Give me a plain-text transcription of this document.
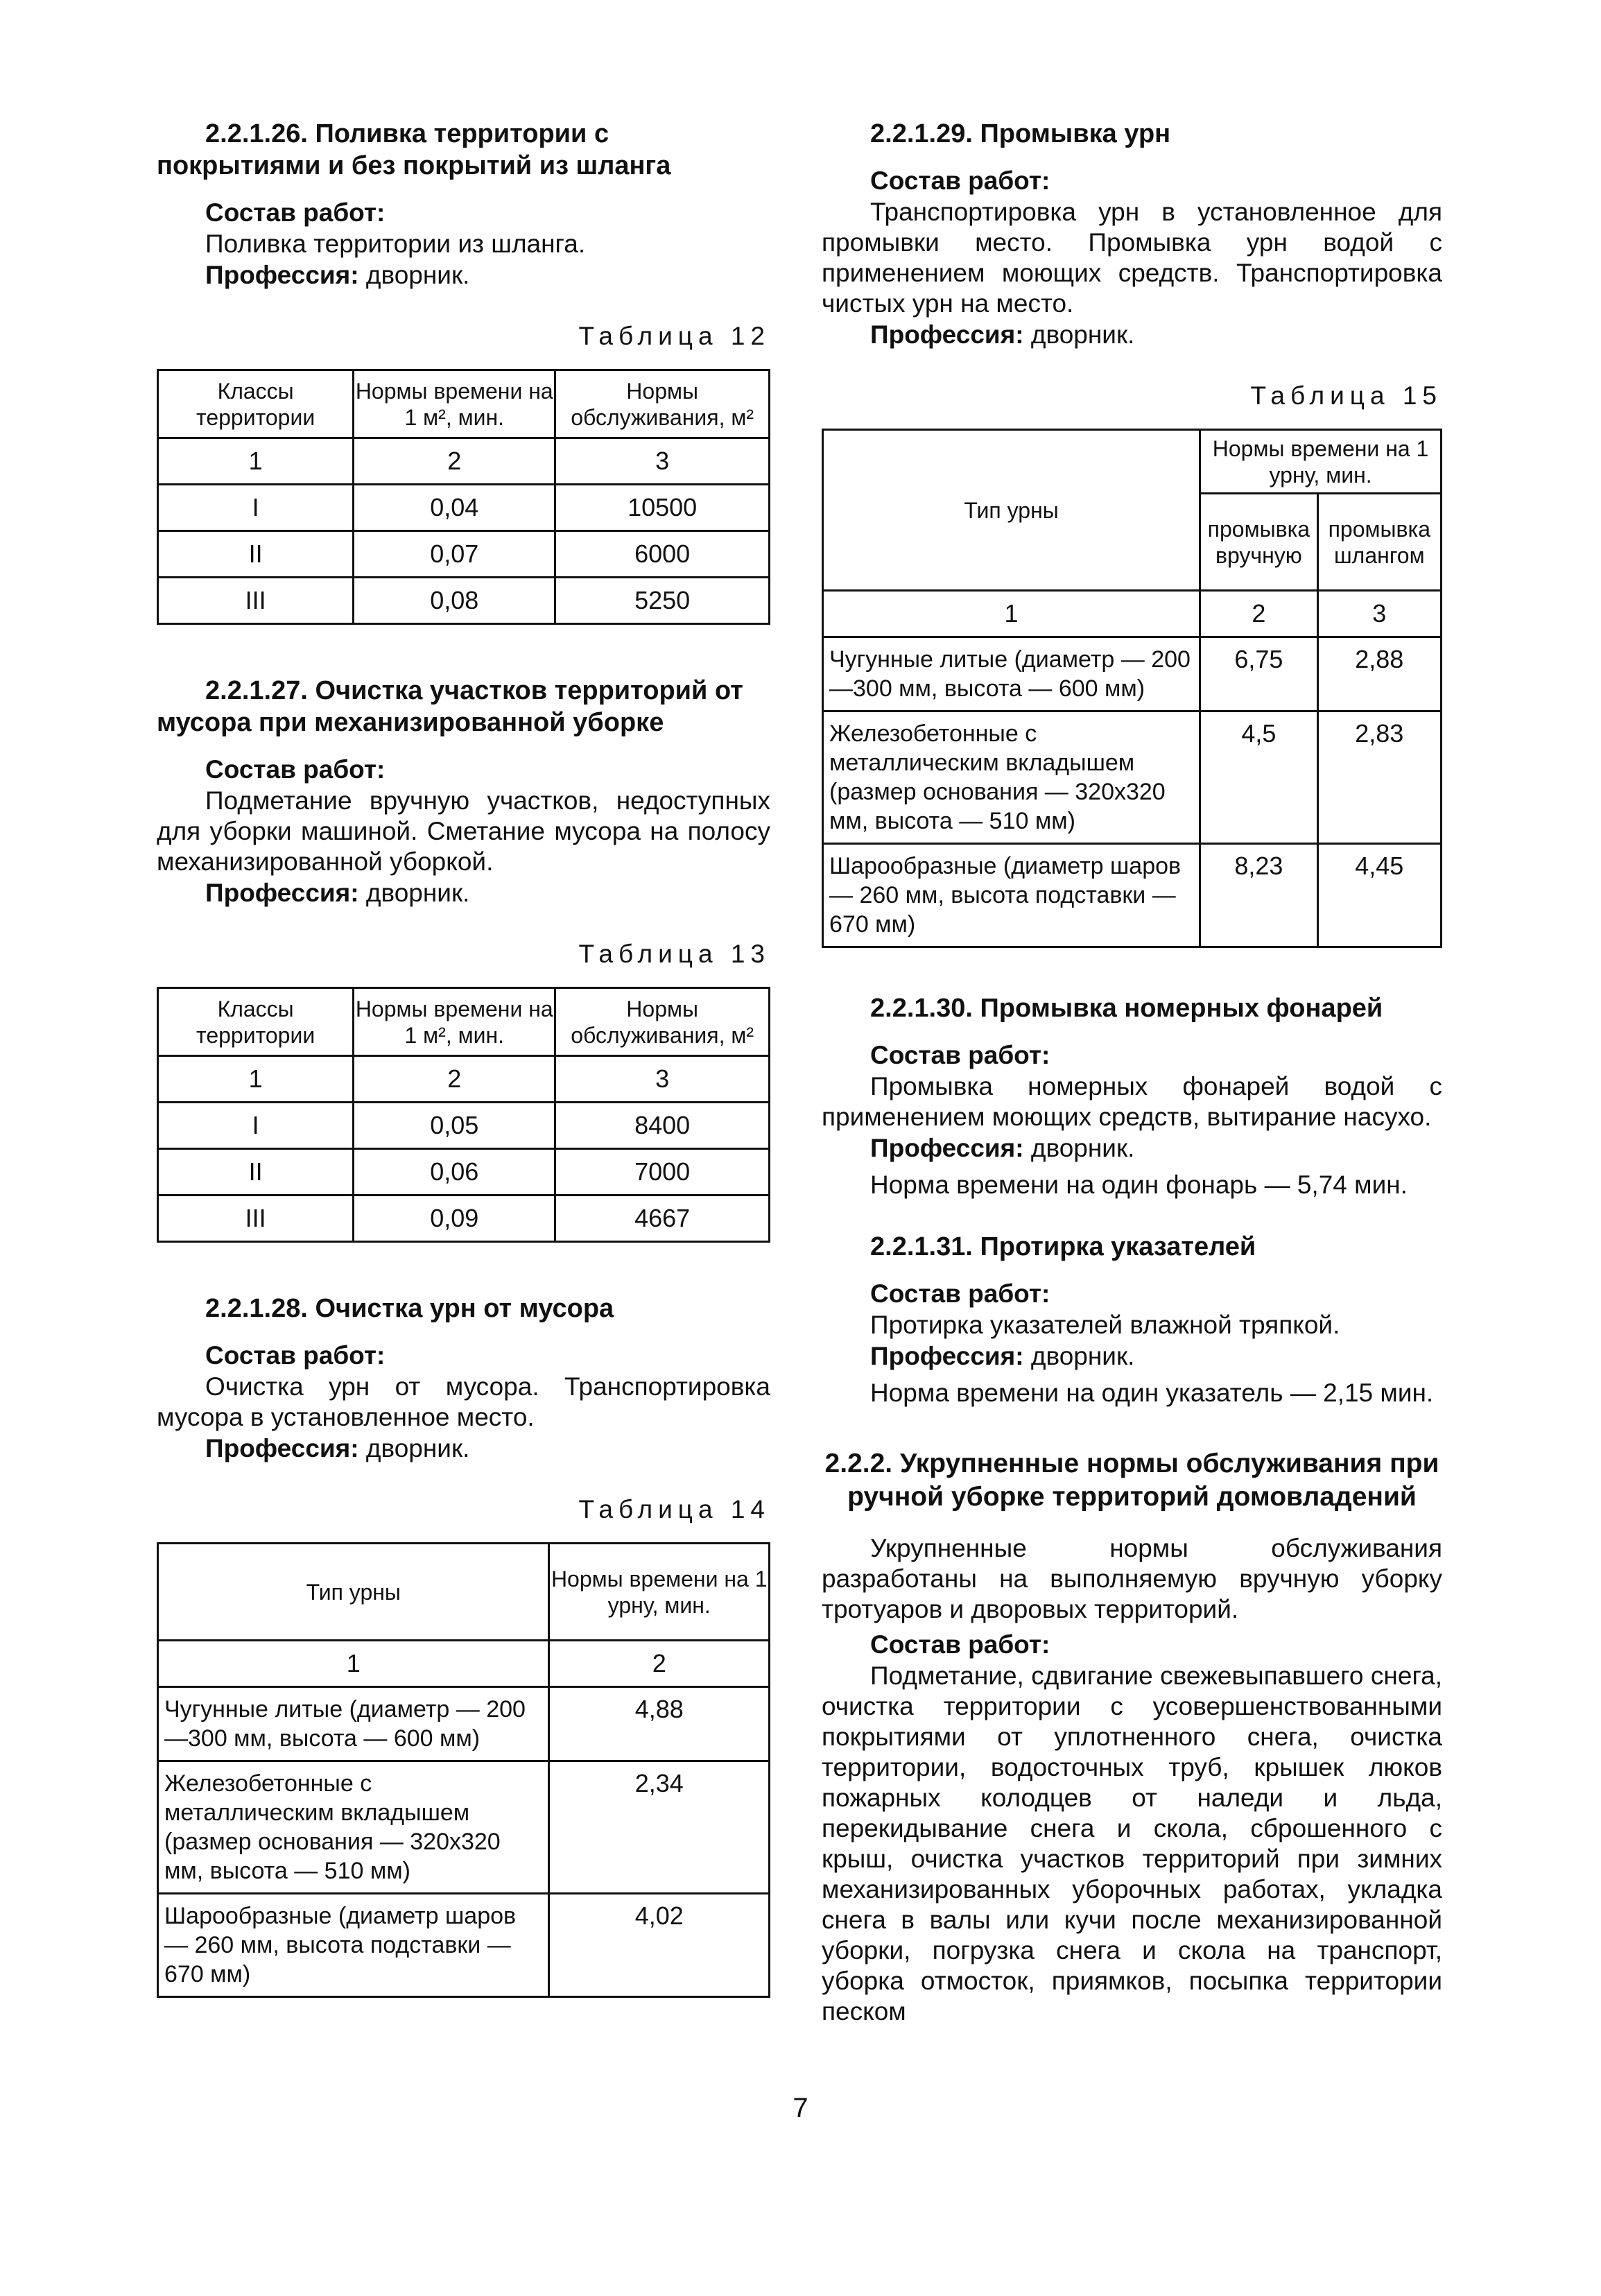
2.2.1.26. Поливка территории с покрытиями и без покрытий из шланга

Состав работ:

Поливка территории из шланга.

Профессия: дворник.
Таблица 12
Классы территории	Нормы времени на 1 м², мин.	Нормы обслуживания, м²
1	2	3
I	0,04	10500
II	0,07	6000
III	0,08	5250

2.2.1.27. Очистка участков территорий от мусора при механизированной уборке

Состав работ:

Подметание вручную участков, недоступных для уборки машиной. Сметание мусора на полосу механизированной уборкой.

Профессия: дворник.
Таблица 13
Классы территории	Нормы времени на 1 м², мин.	Нормы обслуживания, м²
1	2	3
I	0,05	8400
II	0,06	7000
III	0,09	4667

2.2.1.28. Очистка урн от мусора

Состав работ:

Очистка урн от мусора. Транспортировка мусора в установленное место.

Профессия: дворник.
Таблица 14
Тип урны	Нормы времени на 1 урну, мин.
1	2
Чугунные литые (диаметр — 200—300 мм, высота — 600 мм)	4,88
Железобетонные с металлическим вкладышем (размер основания — 320x320 мм, высота — 510 мм)	2,34
Шарообразные (диаметр шаров — 260 мм, высота подставки — 670 мм)	4,02

2.2.1.29. Промывка урн

Состав работ:

Транспортировка урн в установленное для промывки место. Промывка урн водой с применением моющих средств. Транспортировка чистых урн на место.

Профессия: дворник.
Таблица 15
Тип урны	Нормы времени на 1 урну, мин.	
	промывка вручную	промывка шлангом
1	2	3
Чугунные литые (диаметр — 200—300 мм, высота — 600 мм)	6,75	2,88
Железобетонные с металлическим вкладышем (размер основания — 320x320 мм, высота — 510 мм)	4,5	2,83
Шарообразные (диаметр шаров — 260 мм, высота подставки — 670 мм)	8,23	4,45

2.2.1.30. Промывка номерных фонарей

Состав работ:

Промывка номерных фонарей водой с применением моющих средств, вытирание насухо.

Профессия: дворник.

Норма времени на один фонарь — 5,74 мин.

2.2.1.31. Протирка указателей

Состав работ:

Протирка указателей влажной тряпкой.

Профессия: дворник.

Норма времени на один указатель — 2,15 мин.

2.2.2. Укрупненные нормы обслуживания при ручной уборке территорий домовладений

Укрупненные нормы обслуживания разработаны на выполняемую вручную уборку тротуаров и дворовых территорий.

Состав работ:

Подметание, сдвигание свежевыпавшего снега, очистка территории с усовершенствованными покрытиями от уплотненного снега, очистка территории, водосточных труб, крышек люков пожарных колодцев от наледи и льда, перекидывание снега и скола, сброшенного с крыш, очистка участков территорий при зимних механизированных уборочных работах, укладка снега в валы или кучи после механизированной уборки, погрузка снега и скола на транспорт, уборка отмосток, приямков, посыпка территории песком

7
